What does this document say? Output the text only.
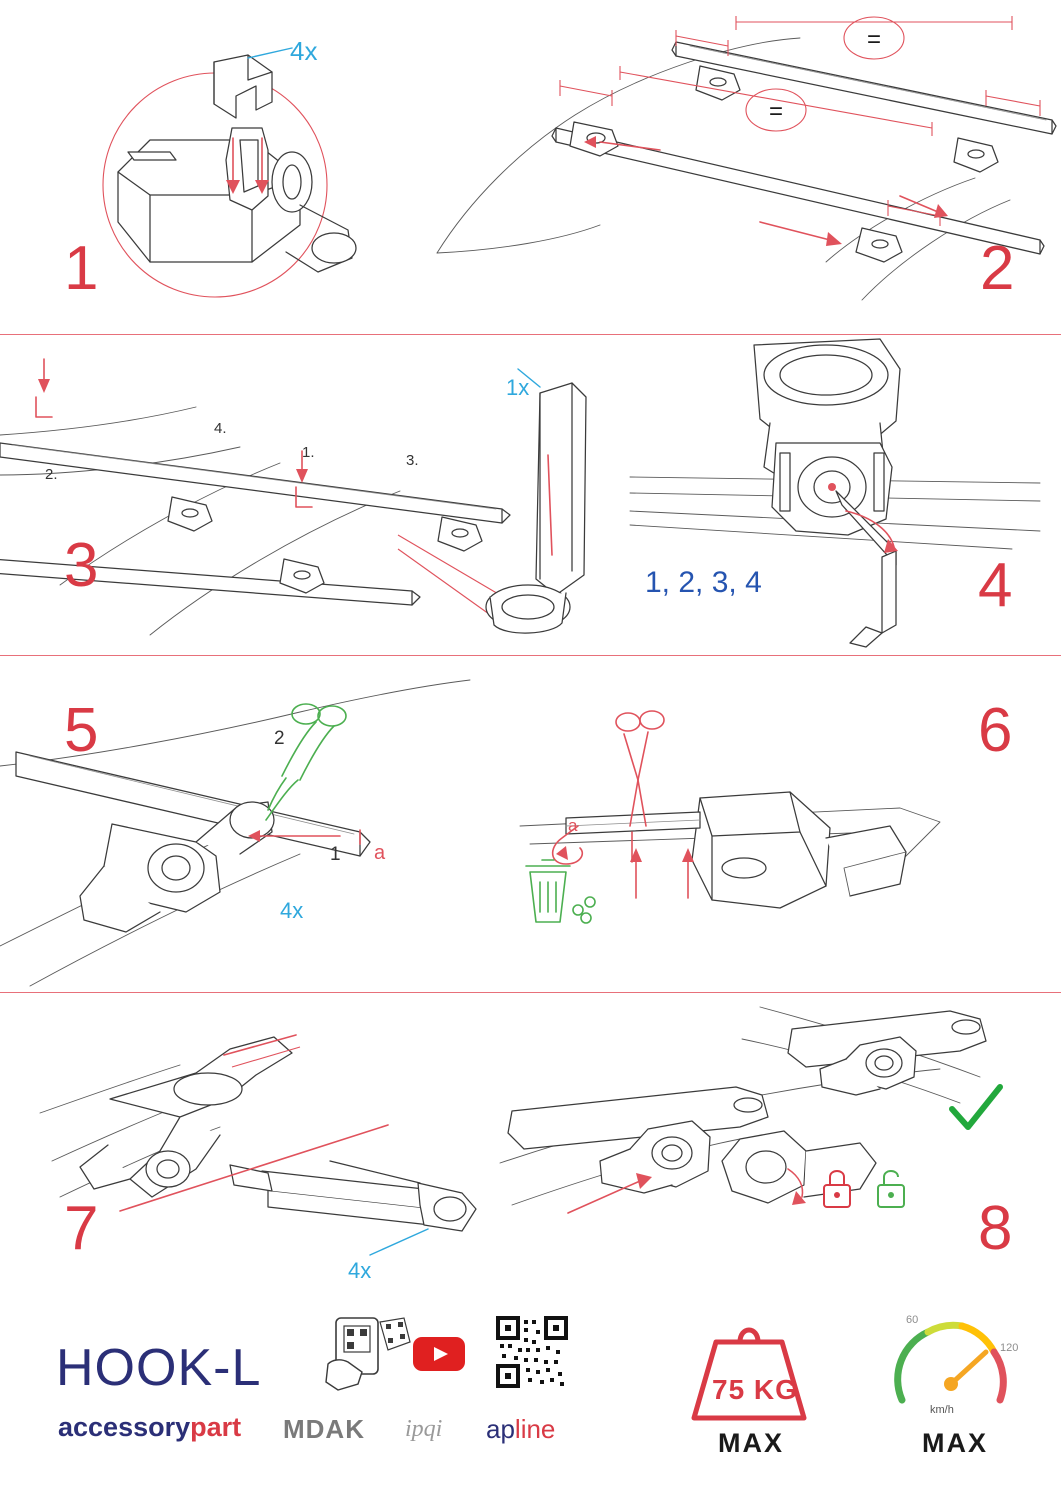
=
=
1
4x
2
3	4
1x
1.
2.
3.
4.
1, 2, 3, 4
5	6
1
2
a
4x
a
7	8
4x
HOOK-L
accessorypart MDAK ipqi apline
75 KG
MAX
60
120
km/h
MAX
